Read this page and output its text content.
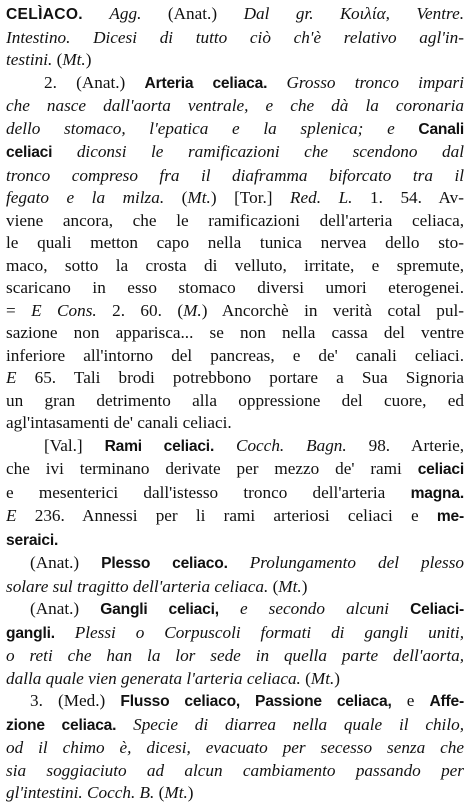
CELÌACO. Agg. (Anat.) Dal gr. Κοιλία, Ventre.
Intestino. Dicesi di tutto ciò ch'è relativo agl'in-
testini. (Mt.)
2. (Anat.) Arteria celiaca. Grosso tronco impari
che nasce dall'aorta ventrale, e che dà la coronaria
dello stomaco, l'epatica e la splenica; e Canali
celiaci diconsi le ramificazioni che scendono dal
tronco compreso fra il diaframma biforcato tra il
fegato e la milza. (Mt.) [Tor.] Red. L. 1. 54. Av-
viene ancora, che le ramificazioni dell'arteria celiaca,
le quali metton capo nella tunica nervea dello sto-
maco, sotto la crosta di velluto, irritate, e spremute,
scaricano in esso stomaco diversi umori eterogenei.
= E Cons. 2. 60. (M.) Ancorchè in verità cotal pul-
sazione non apparisca... se non nella cassa del ventre
inferiore all'intorno del pancreas, e de' canali celiaci.
E 65. Tali brodi potrebbono portare a Sua Signoria
un gran detrimento alla oppressione del cuore, ed
agl'intasamenti de' canali celiaci.
[Val.] Rami celiaci. Cocch. Bagn. 98. Arterie,
che ivi terminano derivate per mezzo de' rami celiaci
e mesenterici dall'istesso tronco dell'arteria magna.
E 236. Annessi per li rami arteriosi celiaci e me-
seraici.
(Anat.) Plesso celiaco. Prolungamento del plesso
solare sul tragitto dell'arteria celiaca. (Mt.)
(Anat.) Gangli celiaci, e secondo alcuni Celiaci-
gangli. Plessi o Corpuscoli formati di gangli uniti,
o reti che han la lor sede in quella parte dell'aorta,
dalla quale vien generata l'arteria celiaca. (Mt.)
3. (Med.) Flusso celiaco, Passione celiaca, e Affe-
zione celiaca. Specie di diarrea nella quale il chilo,
od il chimo è, dicesi, evacuato per secesso senza che
sia soggiaciuto ad alcun cambiamento passando per
gl'intestini. Cocch. B. (Mt.)
